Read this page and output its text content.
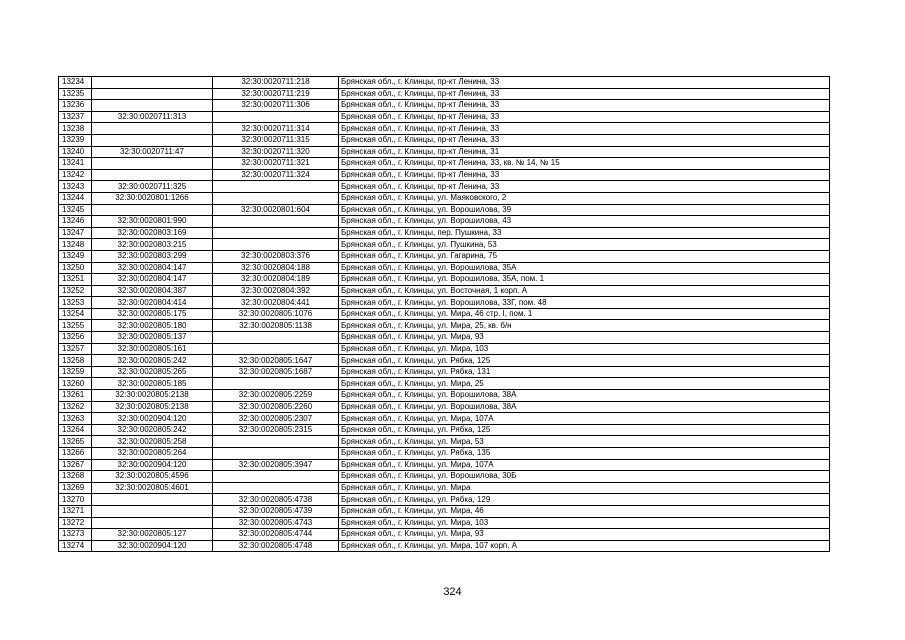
13234		32:30:0020711:218	Брянская обл., г. Клинцы, пр-кт Ленина, 33
13235		32:30:0020711:219	Брянская обл., г. Клинцы, пр-кт Ленина, 33
13236		32:30:0020711:306	Брянская обл., г. Клинцы, пр-кт Ленина, 33
13237	32:30:0020711:313		Брянская обл., г. Клинцы, пр-кт Ленина, 33
13238		32:30:0020711:314	Брянская обл., г. Клинцы, пр-кт Ленина, 33
13239		32:30:0020711:315	Брянская обл., г. Клинцы, пр-кт Ленина, 33
13240	32:30:0020711:47	32:30:0020711:320	Брянская обл., г. Клинцы, пр-кт Ленина, 31
13241		32:30:0020711:321	Брянская обл., г. Клинцы, пр-кт Ленина, 33, кв. № 14, № 15
13242		32:30:0020711:324	Брянская обл., г. Клинцы, пр-кт Ленина, 33
13243	32:30:0020711:325		Брянская обл., г. Клинцы, пр-кт Ленина, 33
13244	32:30:0020801:1266		Брянская обл., г. Клинцы, ул. Маяковского, 2
13245		32:30:0020801:604	Брянская обл., г. Клинцы, ул. Ворошилова, 39
13246	32:30:0020801:990		Брянская обл., г. Клинцы, ул. Ворошилова, 43
13247	32:30:0020803:169		Брянская обл., г. Клинцы, пер. Пушкина, 33
13248	32:30:0020803:215		Брянская обл., г. Клинцы, ул. Пушкина, 53
13249	32:30:0020803:299	32:30:0020803:376	Брянская обл., г. Клинцы, ул. Гагарина, 75
13250	32:30:0020804:147	32:30:0020804:188	Брянская обл., г. Клинцы, ул. Ворошилова, 35А
13251	32:30:0020804:147	32:30:0020804:189	Брянская обл., г. Клинцы, ул. Ворошилова, 35А, пом. 1
13252	32:30:0020804:387	32:30:0020804:392	Брянская обл., г. Клинцы, ул. Восточная, 1 корп. А
13253	32:30:0020804:414	32:30:0020804:441	Брянская обл., г. Клинцы, ул. Ворошилова, 33Г, пом. 48
13254	32:30:0020805:175	32:30:0020805:1076	Брянская обл., г. Клинцы, ул. Мира, 46 стр. I, пом. 1
13255	32:30:0020805:180	32:30:0020805:1138	Брянская обл., г. Клинцы, ул. Мира, 25, кв. б/н
13256	32:30:0020805:137		Брянская обл., г. Клинцы, ул. Мира, 93
13257	32:30:0020805:161		Брянская обл., г. Клинцы, ул. Мира, 103
13258	32:30:0020805:242	32:30:0020805:1647	Брянская обл., г. Клинцы, ул. Рябка, 125
13259	32:30:0020805:265	32:30:0020805:1687	Брянская обл., г. Клинцы, ул. Рябка, 131
13260	32:30:0020805:185		Брянская обл., г. Клинцы, ул. Мира, 25
13261	32:30:0020805:2138	32:30:0020805:2259	Брянская обл., г. Клинцы, ул. Ворошилова, 38А
13262	32:30:0020805:2138	32:30:0020805:2260	Брянская обл., г. Клинцы, ул. Ворошилова, 38А
13263	32:30:0020904:120	32:30:0020805:2307	Брянская обл., г. Клинцы, ул. Мира, 107А
13264	32:30:0020805:242	32:30:0020805:2315	Брянская обл., г. Клинцы, ул. Рябка, 125
13265	32:30:0020805:258		Брянская обл., г. Клинцы, ул. Мира, 53
13266	32:30:0020805:264		Брянская обл., г. Клинцы, ул. Рябка, 135
13267	32:30:0020904:120	32:30:0020805:3947	Брянская обл., г. Клинцы, ул. Мира, 107А
13268	32:30:0020805:4596		Брянская обл., г. Клинцы, ул. Ворошилова, 30Б
13269	32:30:0020805:4601		Брянская обл., г. Клинцы, ул. Мира
13270		32:30:0020805:4738	Брянская обл., г. Клинцы, ул. Рябка, 129
13271		32:30:0020805:4739	Брянская обл., г. Клинцы, ул. Мира, 46
13272		32:30:0020805:4743	Брянская обл., г. Клинцы, ул. Мира, 103
13273	32:30:0020805:127	32:30:0020805:4744	Брянская обл., г. Клинцы, ул. Мира, 93
13274	32:30:0020904:120	32:30:0020805:4748	Брянская обл., г. Клинцы, ул. Мира, 107 корп. А
324
